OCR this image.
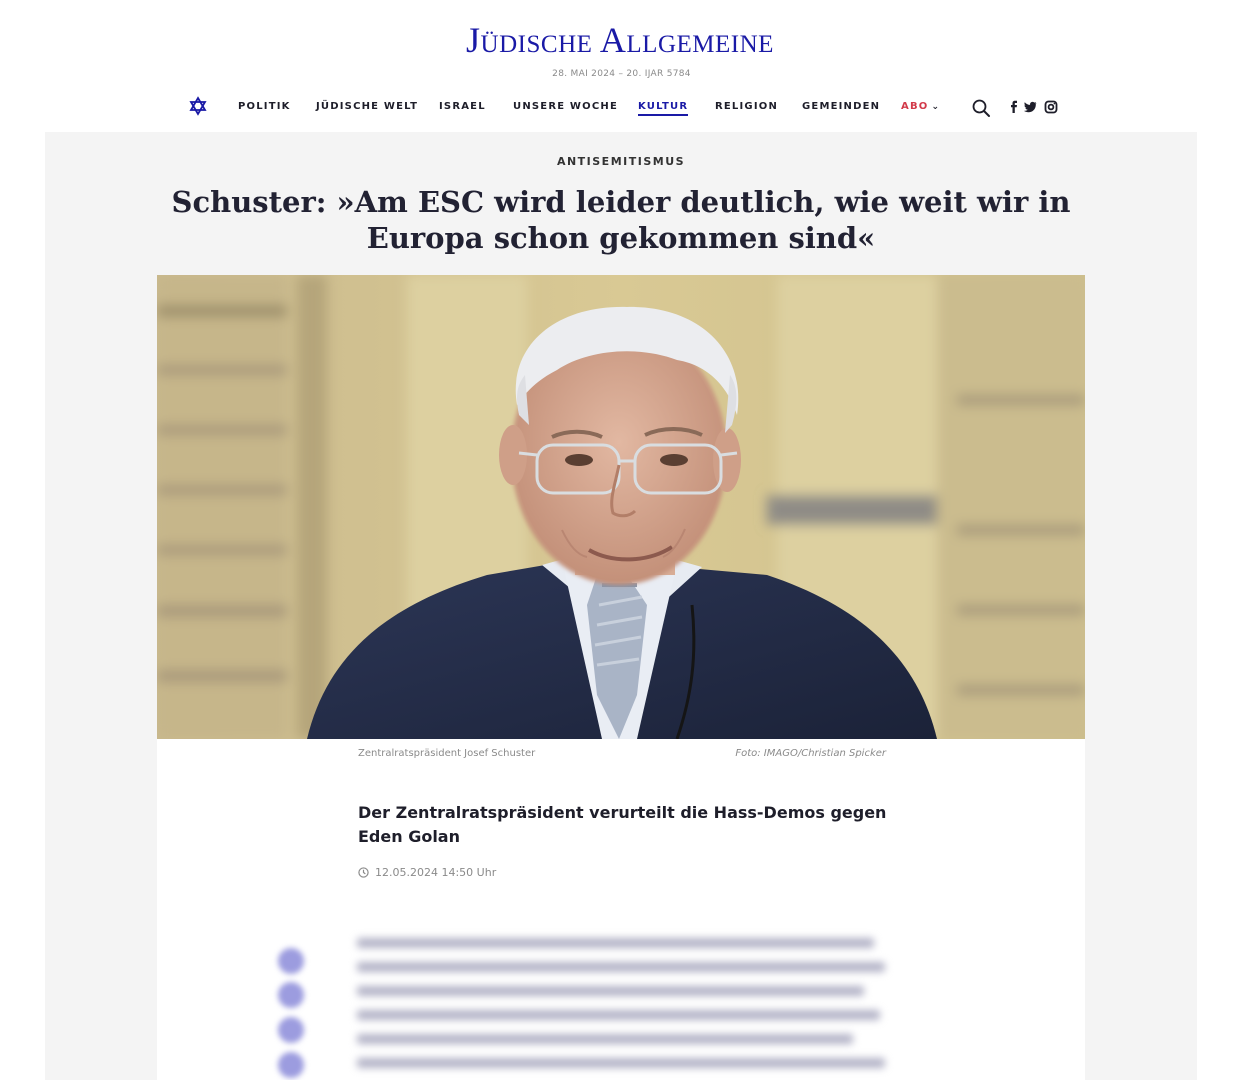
Jüdische Allgemeine
28. MAI 2024 – 20. IJAR 5784
POLITIK	JÜDISCHE WELT ISRAEL	UNSERE WOCHE KULTUR	RELIGION GEMEINDEN ABO ⌄
ANTISEMITISMUS
Schuster: »Am ESC wird leider deutlich, wie weit wir in Europa schon gekommen sind«
Zentralratspräsident Josef Schuster	Foto: IMAGO/Christian Spicker
Der Zentralratspräsident verurteilt die Hass-Demos gegen Eden Golan
12.05.2024 14:50 Uhr
